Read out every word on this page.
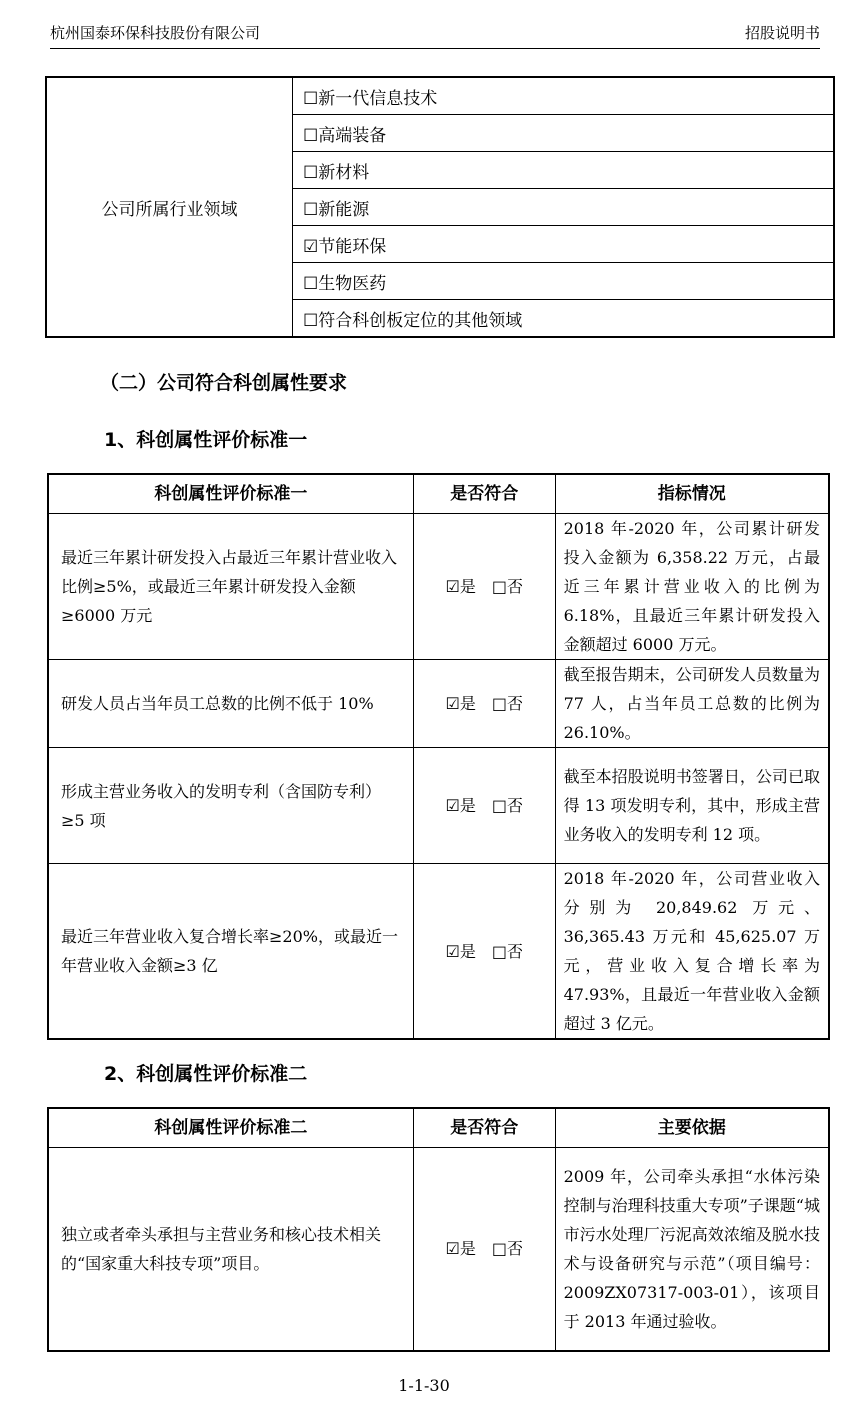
杭州国泰环保科技股份有限公司	招股说明书
公司所属行业领域	☐新一代信息技术
☐高端装备
☐新材料
☐新能源
☑节能环保
☐生物医药
☐符合科创板定位的其他领域
（二）公司符合科创属性要求
1、科创属性评价标准一
科创属性评价标准一	是否符合	指标情况
最近三年累计研发投入占最近三年累计营业收入比例≥5%，或最近三年累计研发投入金额≥6000 万元	☑是 □否	2018 年-2020 年，公司累计研发投入金额为 6,358.22 万元，占最近三年累计营业收入的比例为 6.18%，且最近三年累计研发投入金额超过 6000 万元。
研发人员占当年员工总数的比例不低于 10%	☑是 □否	截至报告期末，公司研发人员数量为 77 人，占当年员工总数的比例为 26.10%。
形成主营业务收入的发明专利（含国防专利）≥5 项	☑是 □否	截至本招股说明书签署日，公司已取得 13 项发明专利，其中，形成主营业务收入的发明专利 12 项。
最近三年营业收入复合增长率≥20%，或最近一年营业收入金额≥3 亿	☑是 □否	2018 年-2020 年，公司营业收入分别为 20,849.62 万元、36,365.43 万元和 45,625.07 万元，营业收入复合增长率为 47.93%，且最近一年营业收入金额超过 3 亿元。
2、科创属性评价标准二
科创属性评价标准二	是否符合	主要依据
独立或者牵头承担与主营业务和核心技术相关的“国家重大科技专项”项目。	☑是 □否	2009 年，公司牵头承担“水体污染控制与治理科技重大专项”子课题“城市污水处理厂污泥高效浓缩及脱水技术与设备研究与示范”（项目编号：2009ZX07317-003-01），该项目于 2013 年通过验收。
1-1-30
